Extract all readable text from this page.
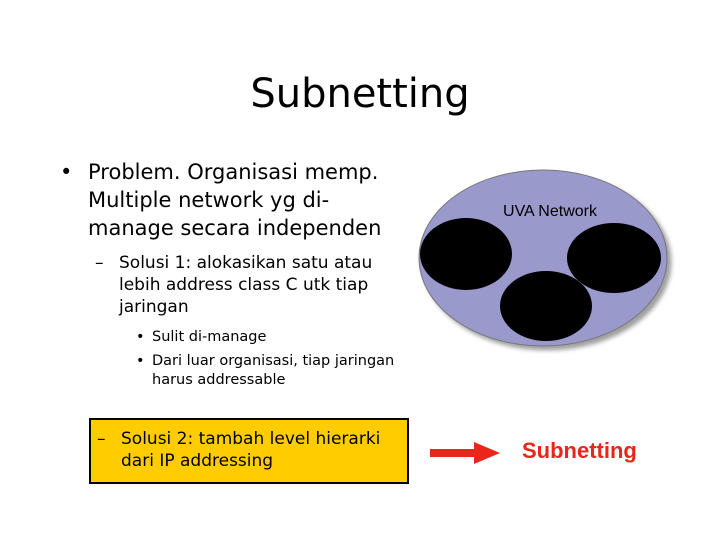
Subnetting
• Problem. Organisasi memp. Multiple network yg di-manage secara independen
– Solusi 1: alokasikan satu atau lebih address class C utk tiap jaringan
• Sulit di-manage
• Dari luar organisasi, tiap jaringan harus addressable
– Solusi 2: tambah level hierarki dari IP addressing
UVA Network
Subnetting
